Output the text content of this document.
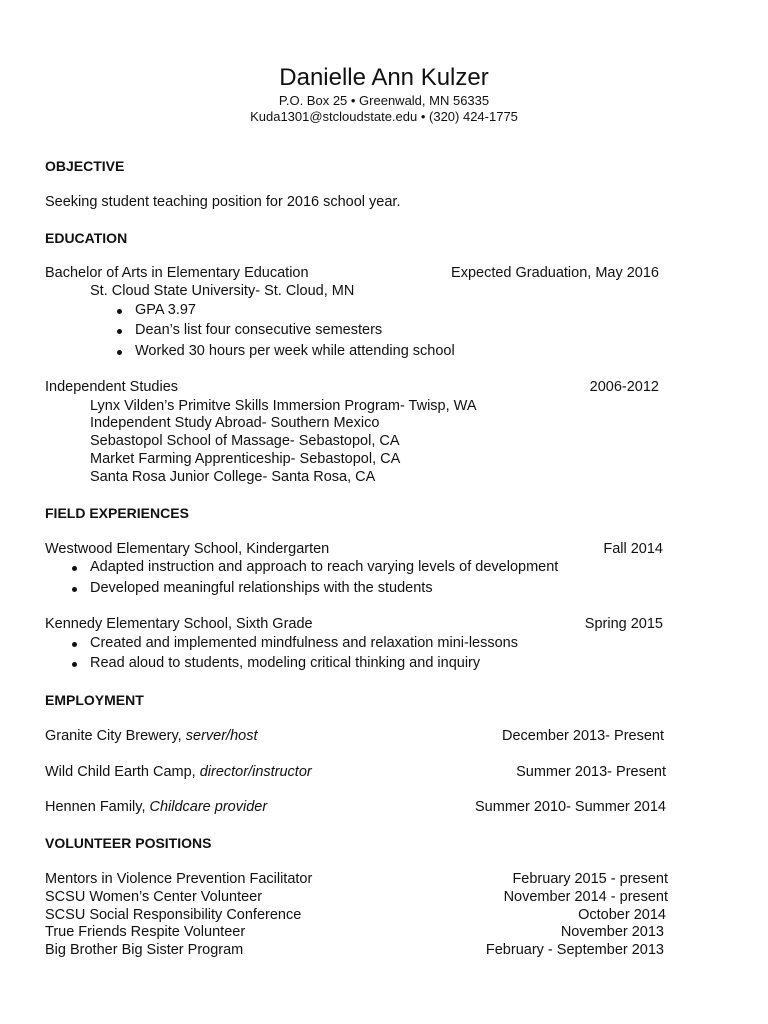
Danielle Ann Kulzer
P.O. Box 25 • Greenwald, MN 56335
Kuda1301@stcloudstate.edu • (320) 424-1775
OBJECTIVE
Seeking student teaching position for 2016 school year.
EDUCATION
Bachelor of Arts in Elementary Education	Expected Graduation, May 2016
St. Cloud State University- St. Cloud, MN
GPA 3.97
Dean’s list four consecutive semesters
Worked 30 hours per week while attending school
Independent Studies	2006-2012
Lynx Vilden’s Primitve Skills Immersion Program- Twisp, WA
Independent Study Abroad- Southern Mexico
Sebastopol School of Massage- Sebastopol, CA
Market Farming Apprenticeship- Sebastopol, CA
Santa Rosa Junior College- Santa Rosa, CA
FIELD EXPERIENCES
Westwood Elementary School, Kindergarten	Fall 2014
Adapted instruction and approach to reach varying levels of development
Developed meaningful relationships with the students
Kennedy Elementary School, Sixth Grade	Spring 2015
Created and implemented mindfulness and relaxation mini-lessons
Read aloud to students, modeling critical thinking and inquiry
EMPLOYMENT
Granite City Brewery, server/host	December 2013- Present
Wild Child Earth Camp, director/instructor	Summer 2013- Present
Hennen Family, Childcare provider	Summer 2010- Summer 2014
VOLUNTEER POSITIONS
Mentors in Violence Prevention Facilitator	February 2015 - present
SCSU Women’s Center Volunteer	November 2014 - present
SCSU Social Responsibility Conference	October 2014
True Friends Respite Volunteer	November 2013
Big Brother Big Sister Program	February - September 2013
